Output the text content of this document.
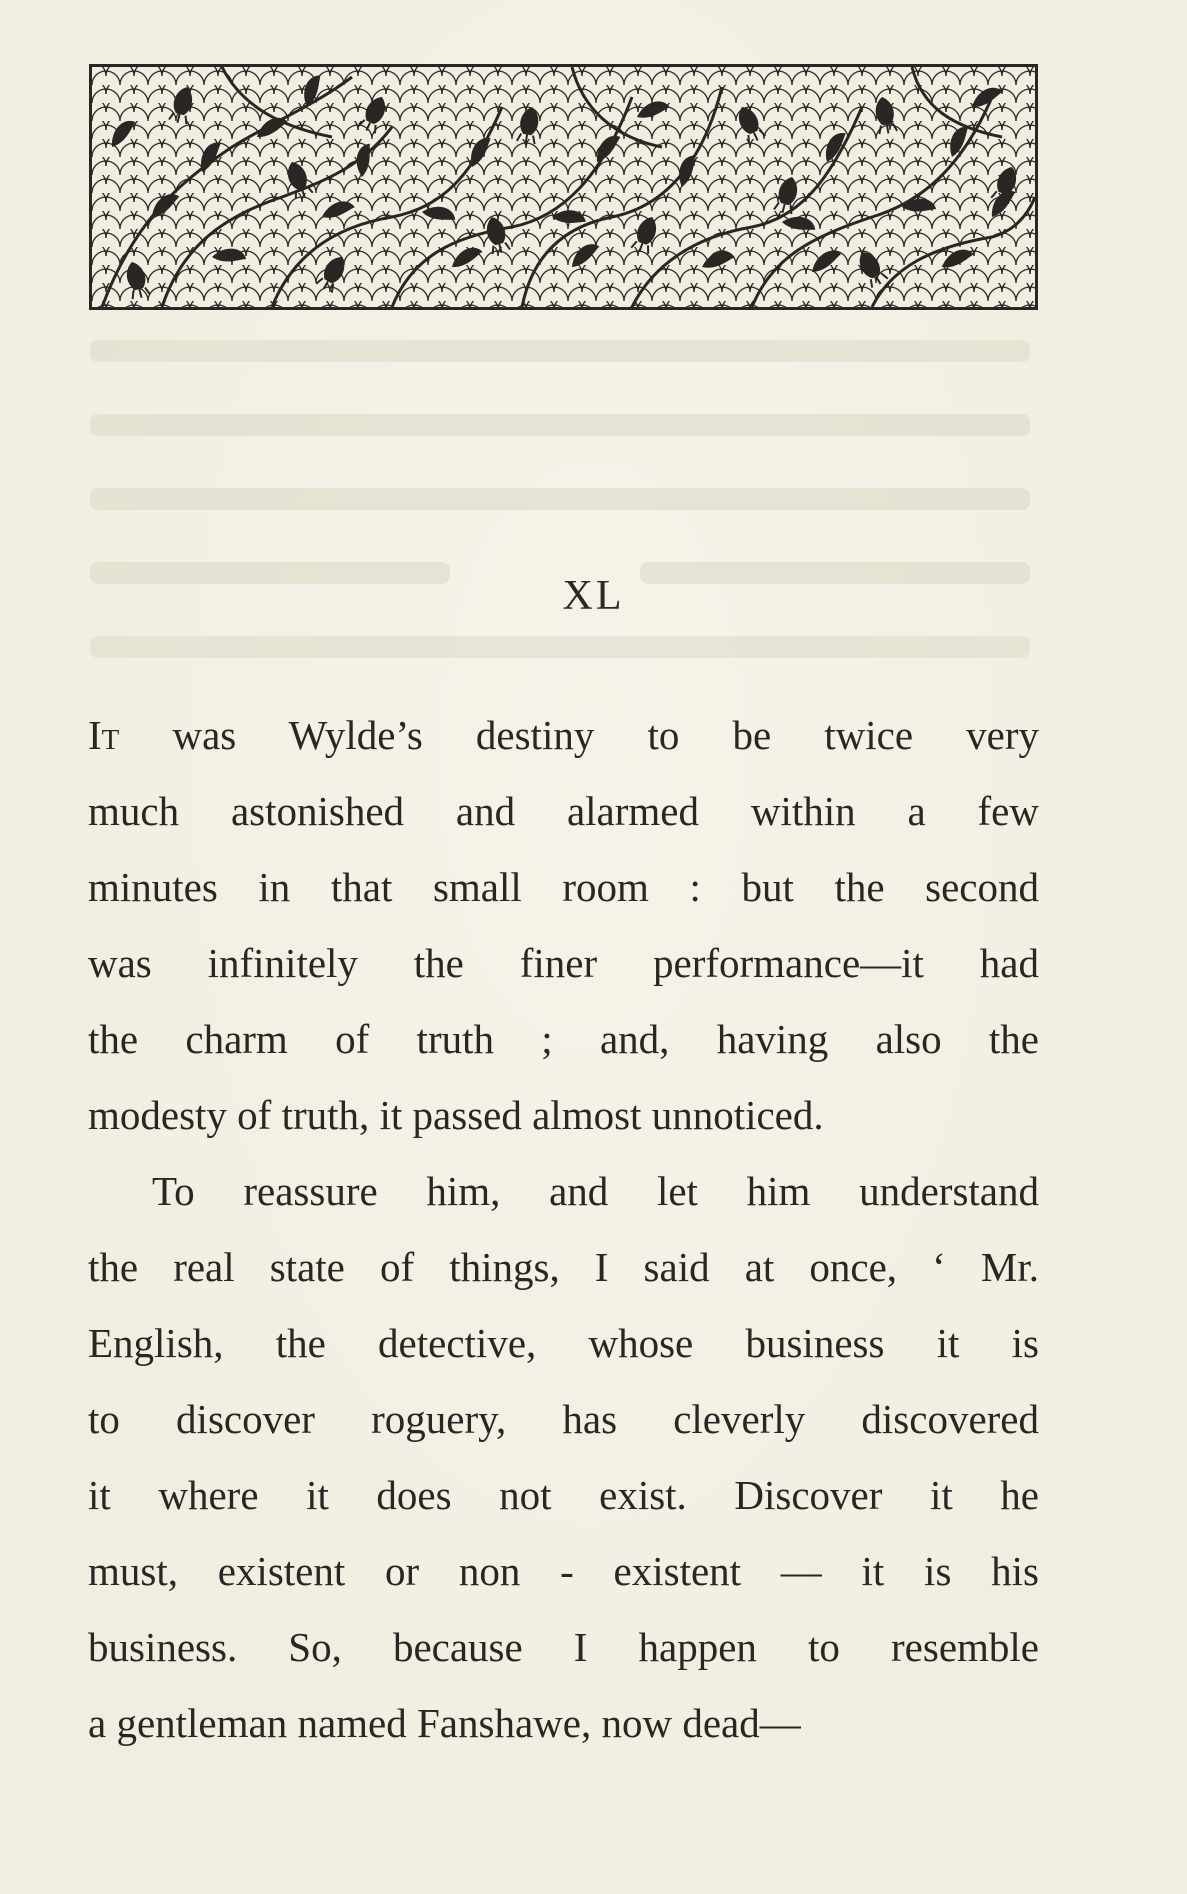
XL
It was Wylde’s destiny to be twice very
much astonished and alarmed within a few
minutes in that small room : but the second
was infinitely the finer performance—it had
the charm of truth ; and, having also the
modesty of truth, it passed almost unnoticed.
To reassure him, and let him understand
the real state of things, I said at once, ‘ Mr.
English, the detective, whose business it is
to discover roguery, has cleverly discovered
it where it does not exist. Discover it he
must, existent or non - existent — it is his
business. So, because I happen to resemble
a gentleman named Fanshawe, now dead—
